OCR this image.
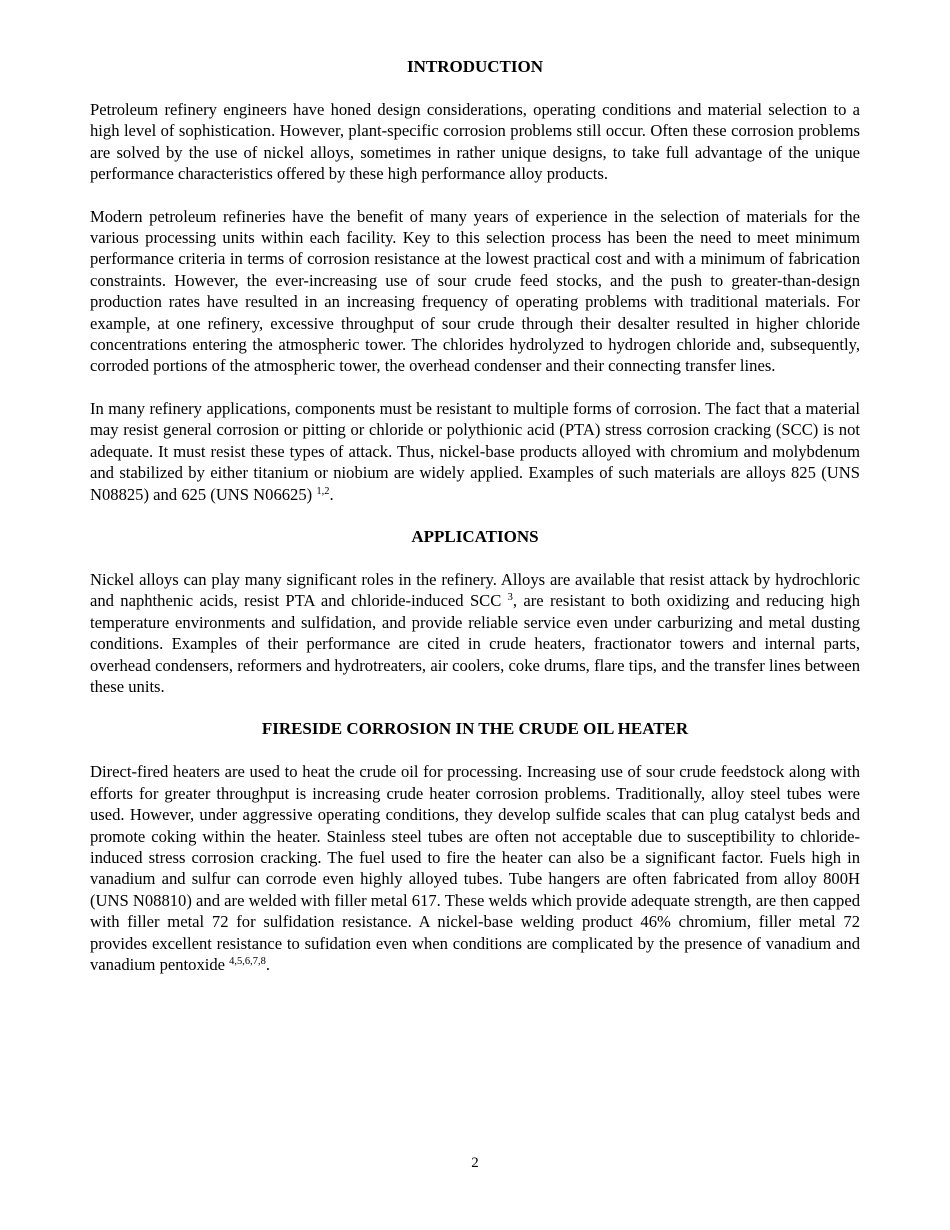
INTRODUCTION

Petroleum refinery engineers have honed design considerations, operating conditions and material selection to a high level of sophistication. However, plant-specific corrosion problems still occur. Often these corrosion problems are solved by the use of nickel alloys, sometimes in rather unique designs, to take full advantage of the unique performance characteristics offered by these high performance alloy products.

Modern petroleum refineries have the benefit of many years of experience in the selection of materials for the various processing units within each facility. Key to this selection process has been the need to meet minimum performance criteria in terms of corrosion resistance at the lowest practical cost and with a minimum of fabrication constraints. However, the ever-increasing use of sour crude feed stocks, and the push to greater-than-design production rates have resulted in an increasing frequency of operating problems with traditional materials. For example, at one refinery, excessive throughput of sour crude through their desalter resulted in higher chloride concentrations entering the atmospheric tower. The chlorides hydrolyzed to hydrogen chloride and, subsequently, corroded portions of the atmospheric tower, the overhead condenser and their connecting transfer lines.

In many refinery applications, components must be resistant to multiple forms of corrosion. The fact that a material may resist general corrosion or pitting or chloride or polythionic acid (PTA) stress corrosion cracking (SCC) is not adequate. It must resist these types of attack. Thus, nickel-base products alloyed with chromium and molybdenum and stabilized by either titanium or niobium are widely applied. Examples of such materials are alloys 825 (UNS N08825) and 625 (UNS N06625) $^{1,2}$.

APPLICATIONS

Nickel alloys can play many significant roles in the refinery. Alloys are available that resist attack by hydrochloric and naphthenic acids, resist PTA and chloride-induced SCC $^3$, are resistant to both oxidizing and reducing high temperature environments and sulfidation, and provide reliable service even under carburizing and metal dusting conditions. Examples of their performance are cited in crude heaters, fractionator towers and internal parts, overhead condensers, reformers and hydrotreaters, air coolers, coke drums, flare tips, and the transfer lines between these units.

FIRESIDE CORROSION IN THE CRUDE OIL HEATER

Direct-fired heaters are used to heat the crude oil for processing. Increasing use of sour crude feedstock along with efforts for greater throughput is increasing crude heater corrosion problems. Traditionally, alloy steel tubes were used. However, under aggressive operating conditions, they develop sulfide scales that can plug catalyst beds and promote coking within the heater. Stainless steel tubes are often not acceptable due to susceptibility to chloride-induced stress corrosion cracking. The fuel used to fire the heater can also be a significant factor. Fuels high in vanadium and sulfur can corrode even highly alloyed tubes. Tube hangers are often fabricated from alloy 800H (UNS N08810) and are welded with filler metal 617. These welds which provide adequate strength, are then capped with filler metal 72 for sulfidation resistance. A nickel-base welding product 46% chromium, filler metal 72 provides excellent resistance to sufidation even when conditions are complicated by the presence of vanadium and vanadium pentoxide $^{4,5,6,7,8}$.

2
